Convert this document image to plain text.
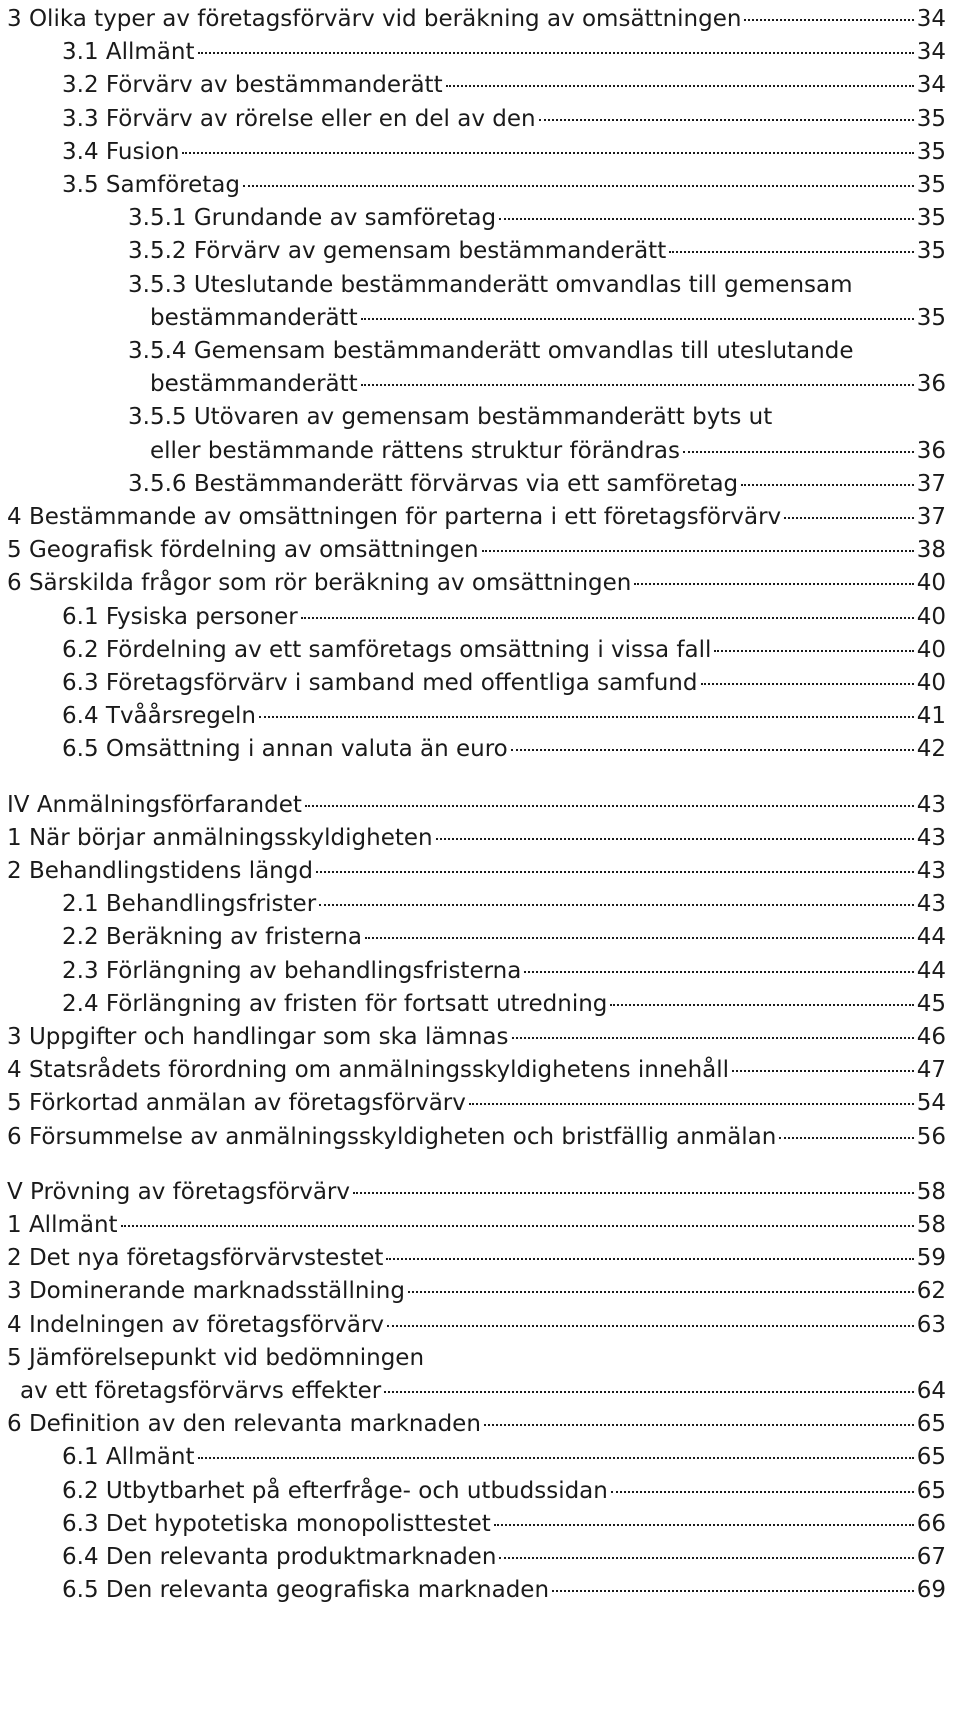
3 Olika typer av företagsförvärv vid beräkning av omsättningen	34
3.1 Allmänt	34
3.2 Förvärv av bestämmanderätt	34
3.3 Förvärv av rörelse eller en del av den	35
3.4 Fusion	35
3.5 Samföretag	35
3.5.1 Grundande av samföretag	35
3.5.2 Förvärv av gemensam bestämmanderätt	35
3.5.3 Uteslutande bestämmanderätt omvandlas till gemensam
bestämmanderätt	35
3.5.4 Gemensam bestämmanderätt omvandlas till uteslutande
bestämmanderätt	36
3.5.5 Utövaren av gemensam bestämmanderätt byts ut
eller bestämmande rättens struktur förändras	36
3.5.6 Bestämmanderätt förvärvas via ett samföretag	37
4 Bestämmande av omsättningen för parterna i ett företagsförvärv	37
5 Geografisk fördelning av omsättningen	38
6 Särskilda frågor som rör beräkning av omsättningen	40
6.1 Fysiska personer	40
6.2 Fördelning av ett samföretags omsättning i vissa fall	40
6.3 Företagsförvärv i samband med offentliga samfund	40
6.4 Tvåårsregeln	41
6.5 Omsättning i annan valuta än euro	42
IV Anmälningsförfarandet	43
1 När börjar anmälningsskyldigheten	43
2 Behandlingstidens längd	43
2.1 Behandlingsfrister	43
2.2 Beräkning av fristerna	44
2.3 Förlängning av behandlingsfristerna	44
2.4 Förlängning av fristen för fortsatt utredning	45
3 Uppgifter och handlingar som ska lämnas	46
4 Statsrådets förordning om anmälningsskyldighetens innehåll	47
5 Förkortad anmälan av företagsförvärv	54
6 Försummelse av anmälningsskyldigheten och bristfällig anmälan	56
V Prövning av företagsförvärv	58
1 Allmänt	58
2 Det nya företagsförvärvstestet	59
3 Dominerande marknadsställning	62
4 Indelningen av företagsförvärv	63
5 Jämförelsepunkt vid bedömningen
av ett företagsförvärvs effekter	64
6 Definition av den relevanta marknaden	65
6.1 Allmänt	65
6.2 Utbytbarhet på efterfråge- och utbudssidan	65
6.3 Det hypotetiska monopolisttestet	66
6.4 Den relevanta produktmarknaden	67
6.5 Den relevanta geografiska marknaden	69
